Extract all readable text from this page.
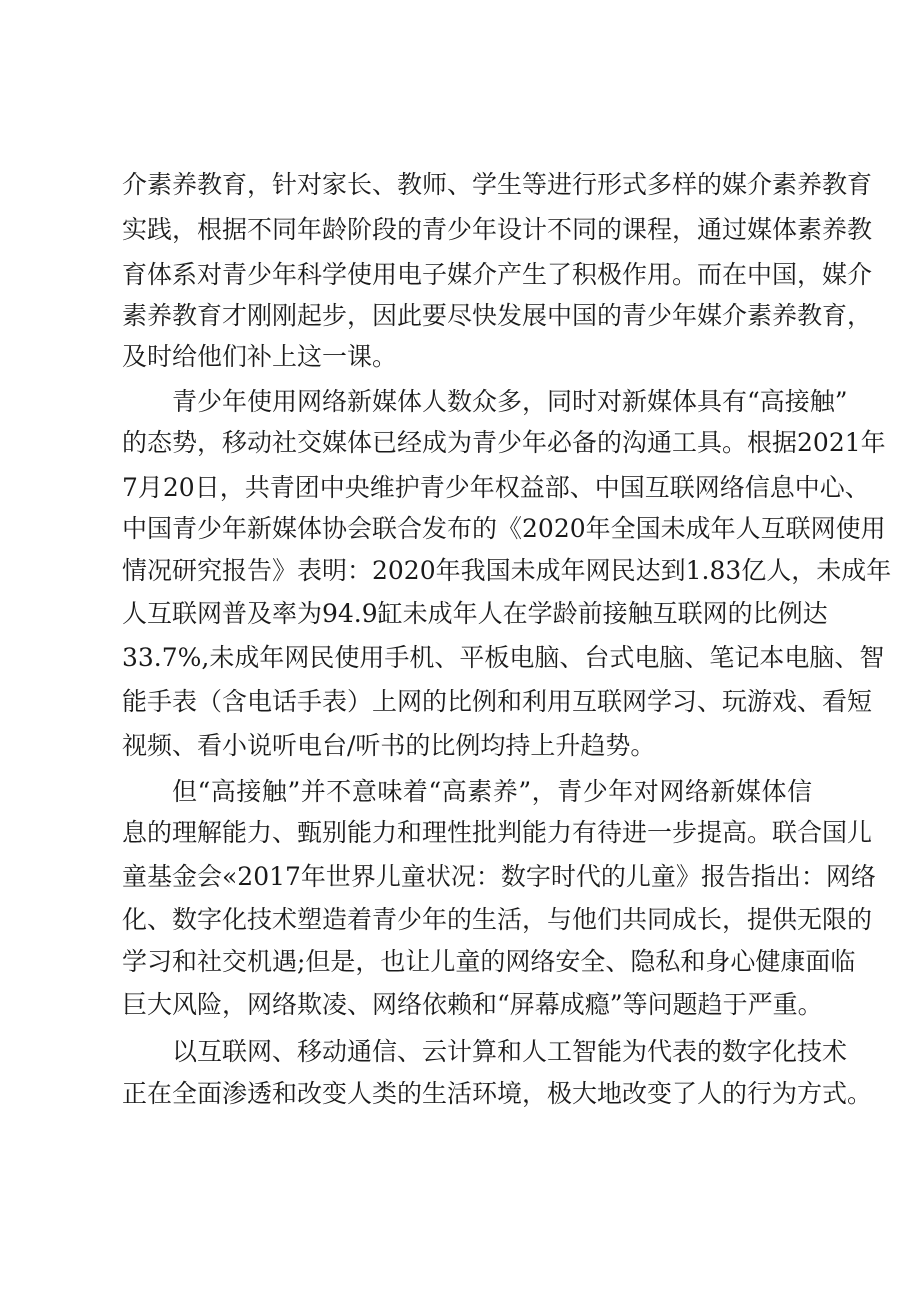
介素养教育，针对家长、教师、学生等进行形式多样的媒介素养教育
实践，根据不同年龄阶段的青少年设计不同的课程，通过媒体素养教
育体系对青少年科学使用电子媒介产生了积极作用。而在中国，媒介
素养教育才刚刚起步，因此要尽快发展中国的青少年媒介素养教育，
及时给他们补上这一课。
青少年使用网络新媒体人数众多，同时对新媒体具有“高接触”
的态势，移动社交媒体已经成为青少年必备的沟通工具。根据2021年
7月20日，共青团中央维护青少年权益部、中国互联网络信息中心、
中国青少年新媒体协会联合发布的《2020年全国未成年人互联网使用
情况研究报告》表明：2020年我国未成年网民达到1.83亿人，未成年
人互联网普及率为94.9缸未成年人在学龄前接触互联网的比例达
33.7%,未成年网民使用手机、平板电脑、台式电脑、笔记本电脑、智
能手表（含电话手表）上网的比例和利用互联网学习、玩游戏、看短
视频、看小说听电台/听书的比例均持上升趋势。
但“高接触”并不意味着“高素养”，青少年对网络新媒体信
息的理解能力、甄别能力和理性批判能力有待进一步提高。联合国儿
童基金会«2017年世界儿童状况：数字时代的儿童》报告指出：网络
化、数字化技术塑造着青少年的生活，与他们共同成长，提供无限的
学习和社交机遇;但是，也让儿童的网络安全、隐私和身心健康面临
巨大风险，网络欺凌、网络依赖和“屏幕成瘾”等问题趋于严重。
以互联网、移动通信、云计算和人工智能为代表的数字化技术
正在全面渗透和改变人类的生活环境，极大地改变了人的行为方式。
